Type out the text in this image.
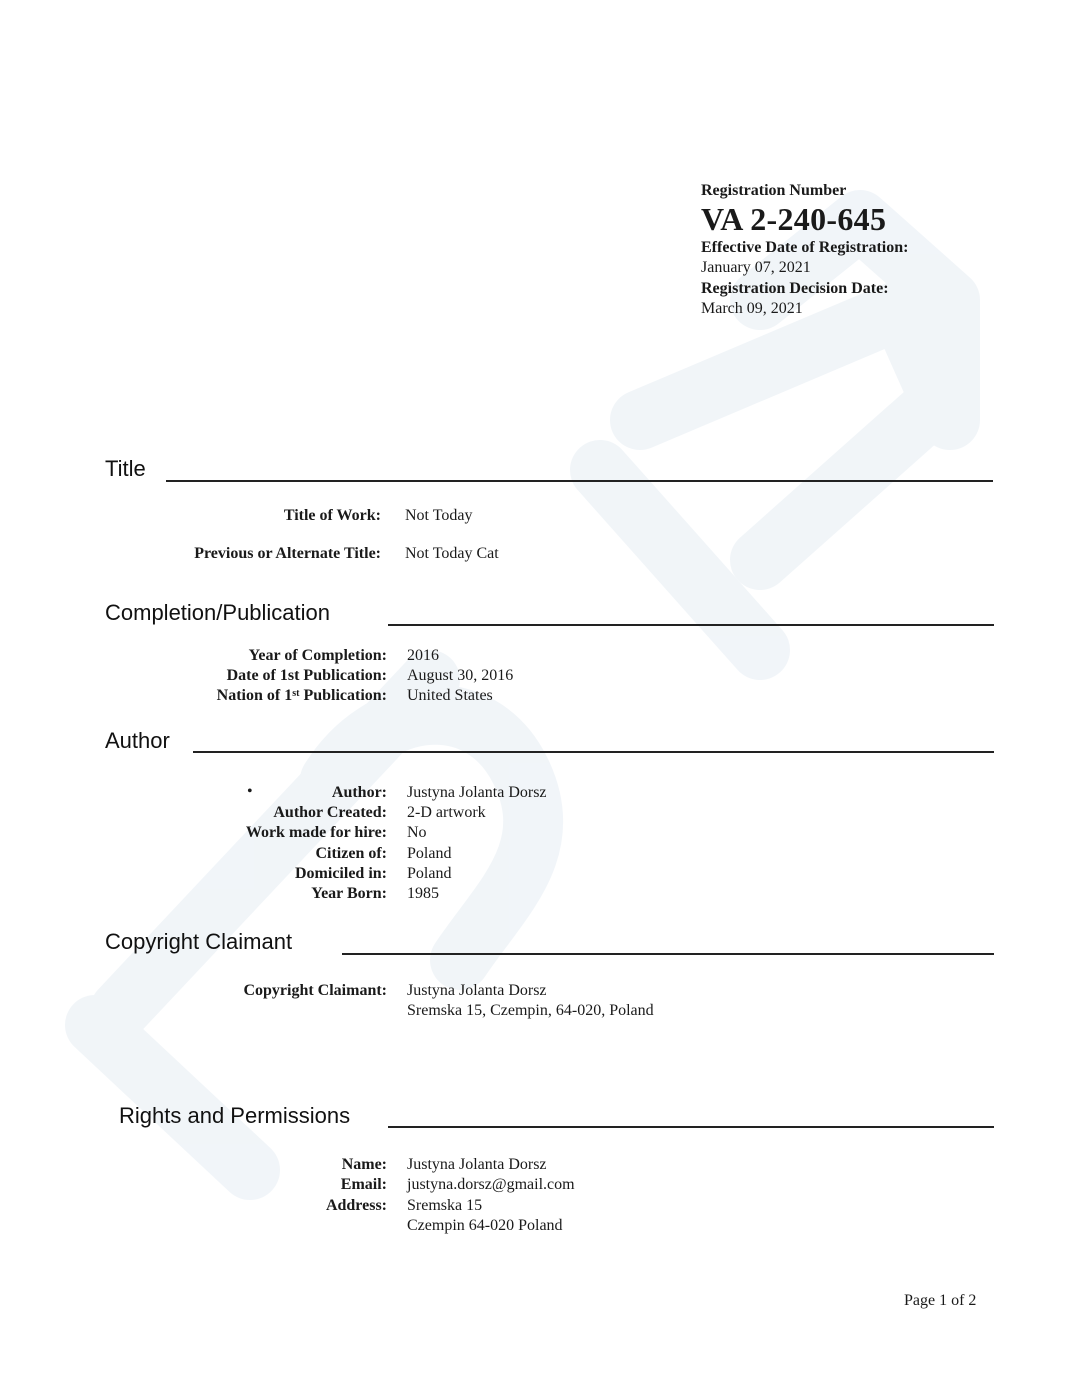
Registration Number
VA 2-240-645
Effective Date of Registration:
January 07, 2021
Registration Decision Date:
March 09, 2021
Title
Title of Work: Not Today
Previous or Alternate Title: Not Today Cat
Completion/Publication
Year of Completion: 2016
Date of 1st Publication: August 30, 2016
Nation of 1st Publication: United States
Author
•	Author: Justyna Jolanta Dorsz
Author Created: 2-D artwork
Work made for hire: No
Citizen of: Poland
Domiciled in: Poland
Year Born: 1985
Copyright Claimant
Copyright Claimant: Justyna Jolanta Dorsz
Sremska 15, Czempin, 64-020, Poland
Rights and Permissions
Name: Justyna Jolanta Dorsz
Email: justyna.dorsz@gmail.com
Address: Sremska 15
Czempin 64-020 Poland
Page 1 of 2
